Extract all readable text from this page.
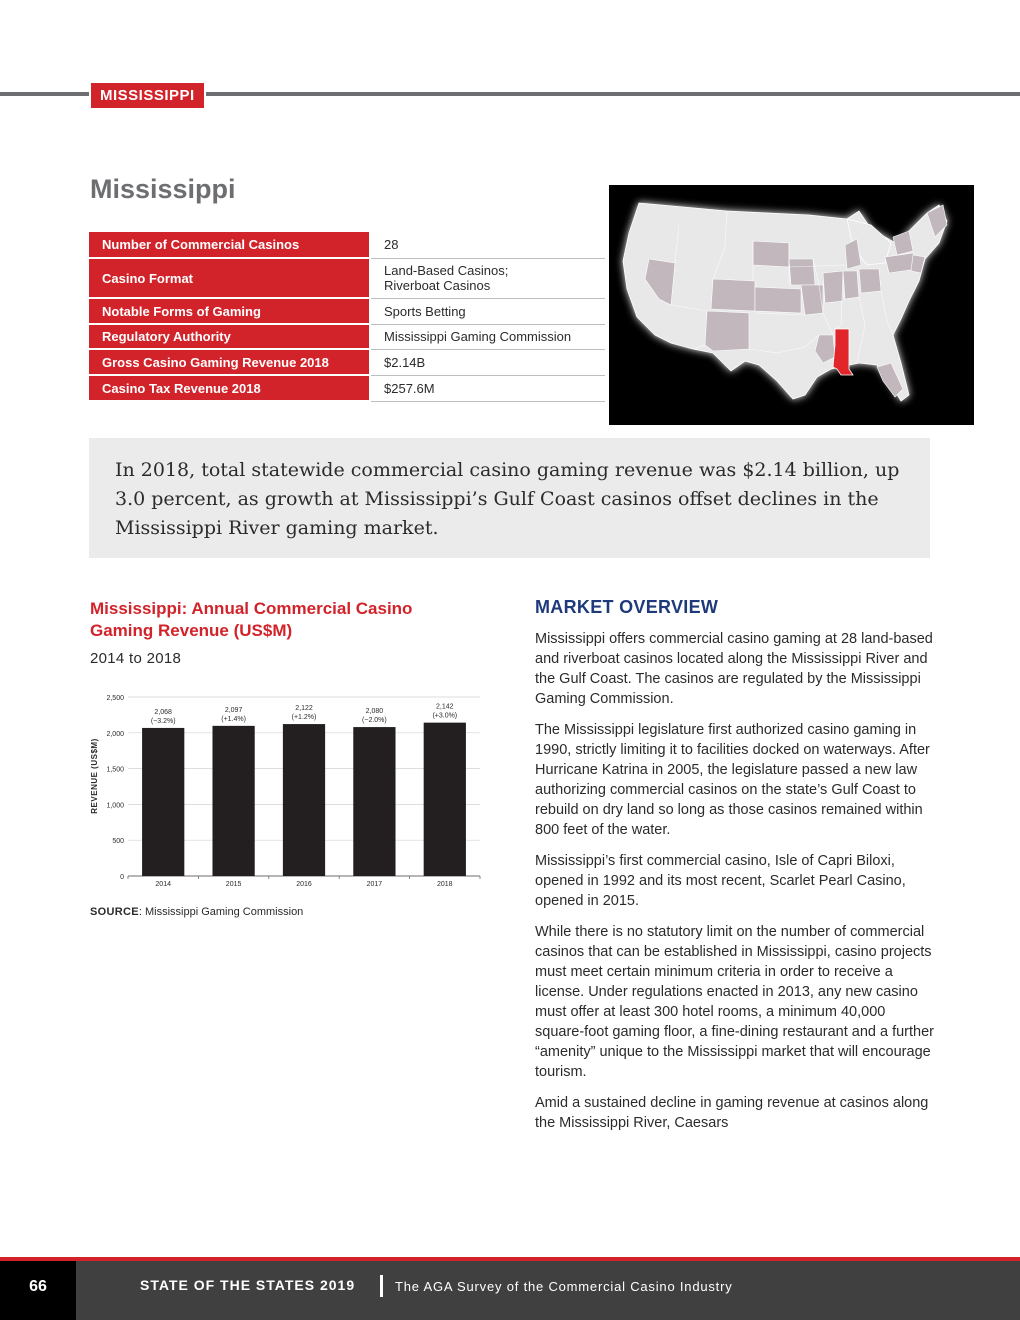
MISSISSIPPI
Mississippi
Number of Commercial Casinos	28
Casino Format	Land-Based Casinos;
Riverboat Casinos
Notable Forms of Gaming	Sports Betting
Regulatory Authority	Mississippi Gaming Commission
Gross Casino Gaming Revenue 2018	$2.14B
Casino Tax Revenue 2018	$257.6M

In 2018, total statewide commercial casino gaming revenue was $2.14 billion, up 3.0 percent, as growth at Mississippi’s Gulf Coast casinos offset declines in the Mississippi River gaming market.

Mississippi: Annual Commercial Casino Gaming Revenue (US$M)
2014 to 2018
REVENUE (US$M)
0
500
1,000
1,500
2,000
2,500
2014
2,068
(−3.2%)
2015
2,097
(+1.4%)
2016
2,122
(+1.2%)
2017
2,080
(−2.0%)
2018
2,142
(+3.0%)
SOURCE: Mississippi Gaming Commission
MARKET OVERVIEW

Mississippi offers commercial casino gaming at 28 land-based and riverboat casinos located along the Mississippi River and the Gulf Coast. The casinos are regulated by the Mississippi Gaming Commission.

The Mississippi legislature first authorized casino gaming in 1990, strictly limiting it to facilities docked on waterways. After Hurricane Katrina in 2005, the legislature passed a new law authorizing commercial casinos on the state’s Gulf Coast to rebuild on dry land so long as those casinos remained within 800 feet of the water.

Mississippi’s first commercial casino, Isle of Capri Biloxi, opened in 1992 and its most recent, Scarlet Pearl Casino, opened in 2015.

While there is no statutory limit on the number of commercial casinos that can be established in Mississippi, casino projects must meet certain minimum criteria in order to receive a license. Under regulations enacted in 2013, any new casino must offer at least 300 hotel rooms, a minimum 40,000 square-foot gaming floor, a fine-dining restaurant and a further “amenity” unique to the Mississippi market that will encourage tourism.

Amid a sustained decline in gaming revenue at casinos along the Mississippi River, Caesars

66	STATE OF THE STATES 2019	The AGA Survey of the Commercial Casino Industry
